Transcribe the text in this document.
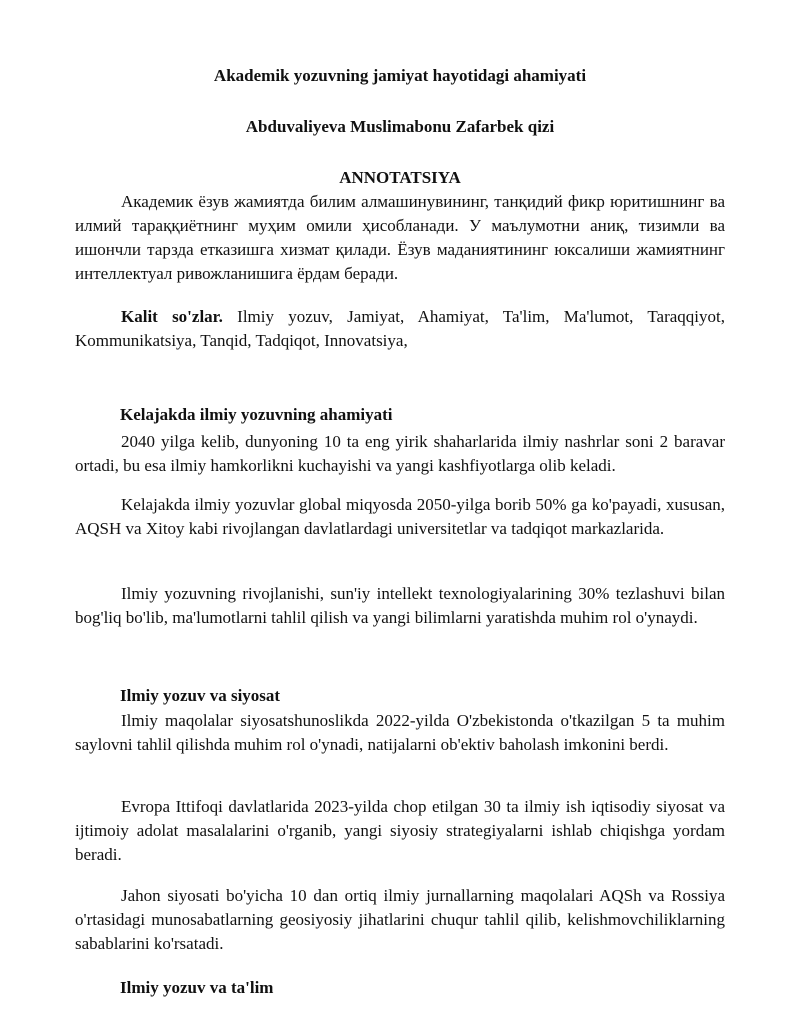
Akademik yozuvning jamiyat hayotidagi ahamiyati
Abduvaliyeva Muslimabonu Zafarbek qizi
ANNOTATSIYA

Академик ёзув жамиятда билим алмашинувининг, танқидий фикр юритишнинг ва илмий тараққиётнинг муҳим омили ҳисобланади. У маълумотни аниқ, тизимли ва ишончли тарзда етказишга хизмат қилади. Ёзув маданиятининг юксалиши жамиятнинг интеллектуал ривожланишига ёрдам беради.

Kalit so'zlar. Ilmiy yozuv, Jamiyat, Ahamiyat, Ta'lim, Ma'lumot, Taraqqiyot, Kommunikatsiya, Tanqid, Tadqiqot, Innovatsiya,

Kelajakda ilmiy yozuvning ahamiyati

2040 yilga kelib, dunyoning 10 ta eng yirik shaharlarida ilmiy nashrlar soni 2 baravar ortadi, bu esa ilmiy hamkorlikni kuchayishi va yangi kashfiyotlarga olib keladi.

Kelajakda ilmiy yozuvlar global miqyosda 2050-yilga borib 50% ga ko'payadi, xususan, AQSH va Xitoy kabi rivojlangan davlatlardagi universitetlar va tadqiqot markazlarida.

Ilmiy yozuvning rivojlanishi, sun'iy intellekt texnologiyalarining 30% tezlashuvi bilan bog'liq bo'lib, ma'lumotlarni tahlil qilish va yangi bilimlarni yaratishda muhim rol o'ynaydi.

Ilmiy yozuv va siyosat

Ilmiy maqolalar siyosatshunoslikda 2022-yilda O'zbekistonda o'tkazilgan 5 ta muhim saylovni tahlil qilishda muhim rol o'ynadi, natijalarni ob'ektiv baholash imkonini berdi.

Evropa Ittifoqi davlatlarida 2023-yilda chop etilgan 30 ta ilmiy ish iqtisodiy siyosat va ijtimoiy adolat masalalarini o'rganib, yangi siyosiy strategiyalarni ishlab chiqishga yordam beradi.

Jahon siyosati bo'yicha 10 dan ortiq ilmiy jurnallarning maqolalari AQSh va Rossiya o'rtasidagi munosabatlarning geosiyosiy jihatlarini chuqur tahlil qilib, kelishmovchiliklarning sabablarini ko'rsatadi.

Ilmiy yozuv va ta'lim
